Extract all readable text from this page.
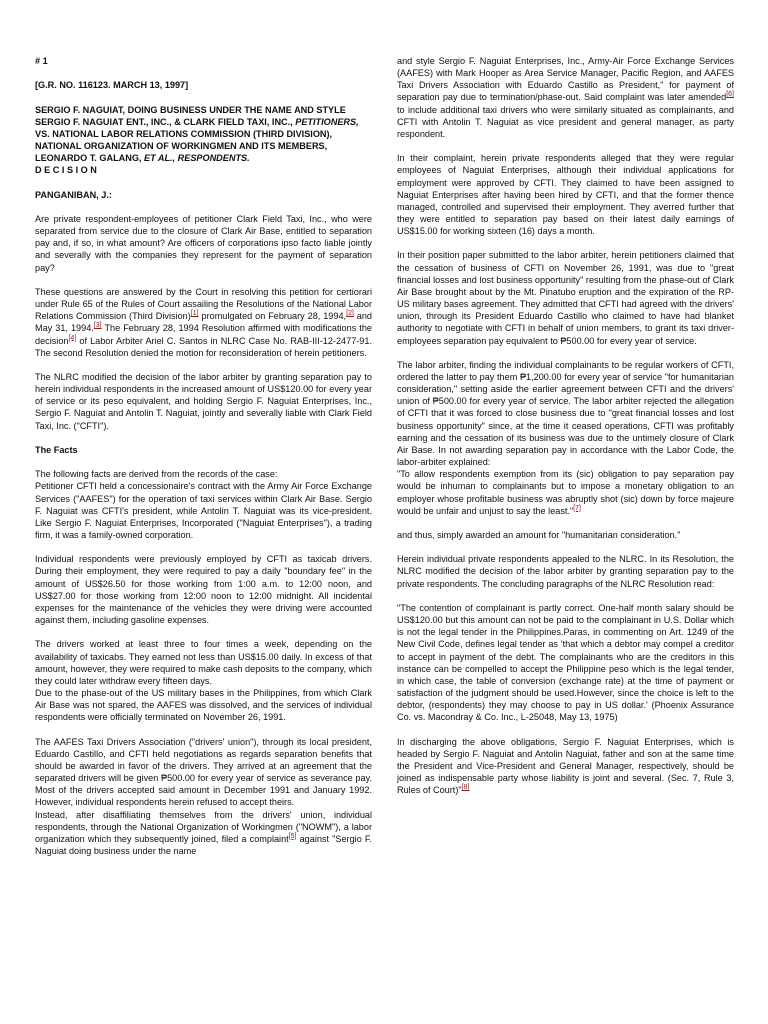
# 1

[G.R. NO. 116123. MARCH 13, 1997]

SERGIO F. NAGUIAT, DOING BUSINESS UNDER THE NAME AND STYLE SERGIO F. NAGUIAT ENT., INC., & CLARK FIELD TAXI, INC., PETITIONERS, VS. NATIONAL LABOR RELATIONS COMMISSION (THIRD DIVISION), NATIONAL ORGANIZATION OF WORKINGMEN AND ITS MEMBERS, LEONARDO T. GALANG, ET AL., RESPONDENTS.

D E C I S I O N

PANGANIBAN, J.:

Are private respondent-employees of petitioner Clark Field Taxi, Inc., who were separated from service due to the closure of Clark Air Base, entitled to separation pay and, if so, in what amount? Are officers of corporations ipso facto liable jointly and severally with the companies they represent for the payment of separation pay?

These questions are answered by the Court in resolving this petition for certiorari under Rule 65 of the Rules of Court assailing the Resolutions of the National Labor Relations Commission (Third Division)[1] promulgated on February 28, 1994,[2] and May 31, 1994.[3] The February 28, 1994 Resolution affirmed with modifications the decision[4] of Labor Arbiter Ariel C. Santos in NLRC Case No. RAB-III-12-2477-91. The second Resolution denied the motion for reconsideration of herein petitioners.

The NLRC modified the decision of the labor arbiter by granting separation pay to herein individual respondents in the increased amount of US$120.00 for every year of service or its peso equivalent, and holding Sergio F. Naguiat Enterprises, Inc., Sergio F. Naguiat and Antolin T. Naguiat, jointly and severally liable with Clark Field Taxi, Inc. ("CFTI").

The Facts

The following facts are derived from the records of the case:

Petitioner CFTI held a concessionaire's contract with the Army Air Force Exchange Services ("AAFES") for the operation of taxi services within Clark Air Base. Sergio F. Naguiat was CFTI's president, while Antolin T. Naguiat was its vice-president. Like Sergio F. Naguiat Enterprises, Incorporated ("Naguiat Enterprises"), a trading firm, it was a family-owned corporation.

Individual respondents were previously employed by CFTI as taxicab drivers. During their employment, they were required to pay a daily "boundary fee" in the amount of US$26.50 for those working from 1:00 a.m. to 12:00 noon, and US$27.00 for those working from 12:00 noon to 12:00 midnight. All incidental expenses for the maintenance of the vehicles they were driving were accounted against them, including gasoline expenses.

The drivers worked at least three to four times a week, depending on the availability of taxicabs. They earned not less than US$15.00 daily. In excess of that amount, however, they were required to make cash deposits to the company, which they could later withdraw every fifteen days.

Due to the phase-out of the US military bases in the Philippines, from which Clark Air Base was not spared, the AAFES was dissolved, and the services of individual respondents were officially terminated on November 26, 1991.

The AAFES Taxi Drivers Association ("drivers' union"), through its local president, Eduardo Castillo, and CFTI held negotiations as regards separation benefits that should be awarded in favor of the drivers. They arrived at an agreement that the separated drivers will be given ₱500.00 for every year of service as severance pay. Most of the drivers accepted said amount in December 1991 and January 1992. However, individual respondents herein refused to accept theirs.

Instead, after disaffiliating themselves from the drivers' union, individual respondents, through the National Organization of Workingmen ("NOWM"), a labor organization which they subsequently joined, filed a complaint[5] against "Sergio F. Naguiat doing business under the name

and style Sergio F. Naguiat Enterprises, Inc., Army-Air Force Exchange Services (AAFES) with Mark Hooper as Area Service Manager, Pacific Region, and AAFES Taxi Drivers Association with Eduardo Castillo as President," for payment of separation pay due to termination/phase-out. Said complaint was later amended[6] to include additional taxi drivers who were similarly situated as complainants, and CFTI with Antolin T. Naguiat as vice president and general manager, as party respondent.

In their complaint, herein private respondents alleged that they were regular employees of Naguiat Enterprises, although their individual applications for employment were approved by CFTI. They claimed to have been assigned to Naguiat Enterprises after having been hired by CFTI, and that the former thence managed, controlled and supervised their employment. They averred further that they were entitled to separation pay based on their latest daily earnings of US$15.00 for working sixteen (16) days a month.

In their position paper submitted to the labor arbiter, herein petitioners claimed that the cessation of business of CFTI on November 26, 1991, was due to "great financial losses and lost business opportunity" resulting from the phase-out of Clark Air Base brought about by the Mt. Pinatubo eruption and the expiration of the RP-US military bases agreement. They admitted that CFTI had agreed with the drivers' union, through its President Eduardo Castillo who claimed to have had blanket authority to negotiate with CFTI in behalf of union members, to grant its taxi driver-employees separation pay equivalent to ₱500.00 for every year of service.

The labor arbiter, finding the individual complainants to be regular workers of CFTI, ordered the latter to pay them ₱1,200.00 for every year of service "for humanitarian consideration," setting aside the earlier agreement between CFTI and the drivers' union of ₱500.00 for every year of service. The labor arbiter rejected the allegation of CFTI that it was forced to close business due to "great financial losses and lost business opportunity" since, at the time it ceased operations, CFTI was profitably earning and the cessation of its business was due to the untimely closure of Clark Air Base. In not awarding separation pay in accordance with the Labor Code, the labor-arbiter explained:

"To allow respondents exemption from its (sic) obligation to pay separation pay would be inhuman to complainants but to impose a monetary obligation to an employer whose profitable business was abruptly shot (sic) down by force majeure would be unfair and unjust to say the least."[7]

and thus, simply awarded an amount for "humanitarian consideration."

Herein individual private respondents appealed to the NLRC. In its Resolution, the NLRC modified the decision of the labor arbiter by granting separation pay to the private respondents. The concluding paragraphs of the NLRC Resolution read:

"The contention of complainant is partly correct. One-half month salary should be US$120.00 but this amount can not be paid to the complainant in U.S. Dollar which is not the legal tender in the Philippines.Paras, in commenting on Art. 1249 of the New Civil Code, defines legal tender as 'that which a debtor may compel a creditor to accept in payment of the debt. The complainants who are the creditors in this instance can be compelled to accept the Philippine peso which is the legal tender, in which case, the table of conversion (exchange rate) at the time of payment or satisfaction of the judgment should be used.However, since the choice is left to the debtor, (respondents) they may choose to pay in US dollar.' (Phoenix Assurance Co. vs. Macondray & Co. Inc., L-25048, May 13, 1975)

In discharging the above obligations, Sergio F. Naguiat Enterprises, which is headed by Sergio F. Naguiat and Antolin Naguiat, father and son at the same time the President and Vice-President and General Manager, respectively, should be joined as indispensable party whose liability is joint and several. (Sec. 7, Rule 3, Rules of Court)"[8]
